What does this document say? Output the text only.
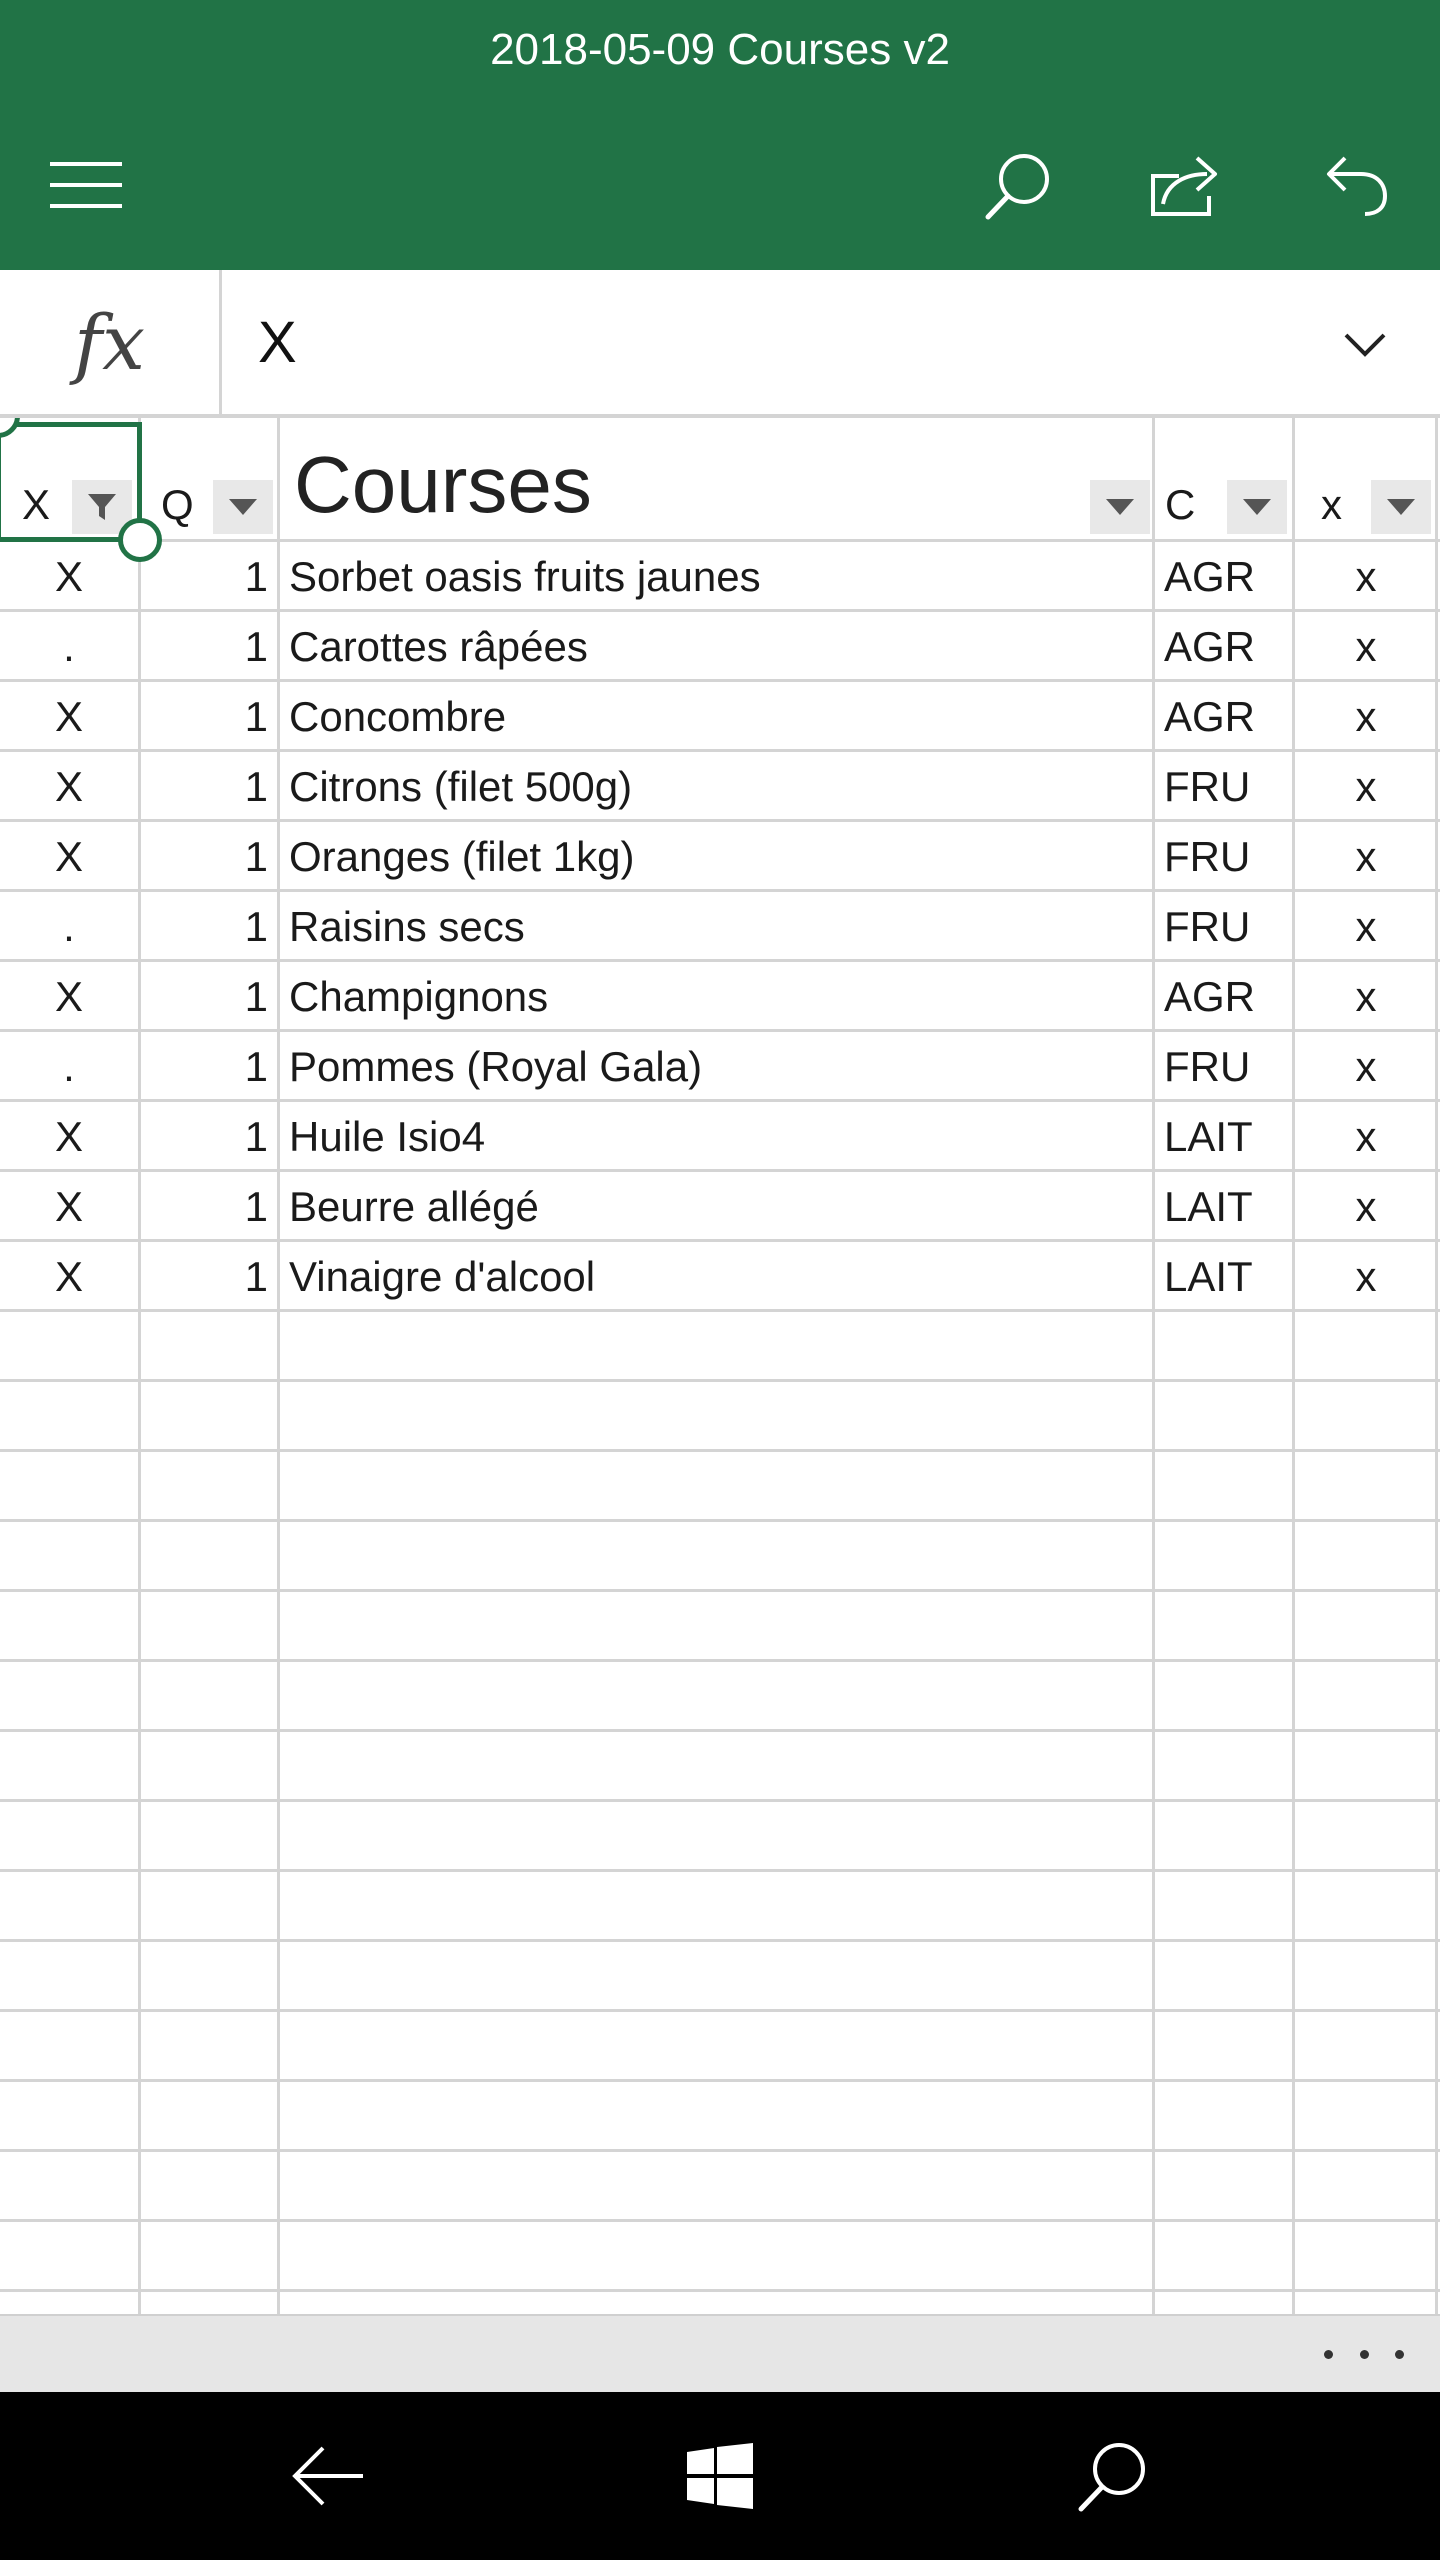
2018-05-09 Courses v2
fx X
X	Q Courses	C	x
X	1 Sorbet oasis fruits jaunes	AGR	x
.	1 Carottes râpées	AGR	x
X	1 Concombre	AGR	x
X	1 Citrons (filet 500g)	FRU	x
X	1 Oranges (filet 1kg)	FRU	x
.	1 Raisins secs	FRU	x
X	1 Champignons	AGR	x
.	1 Pommes (Royal Gala)	FRU	x
X	1 Huile Isio4	LAIT	x
X	1 Beurre allégé	LAIT	x
X	1 Vinaigre d'alcool	LAIT	x
